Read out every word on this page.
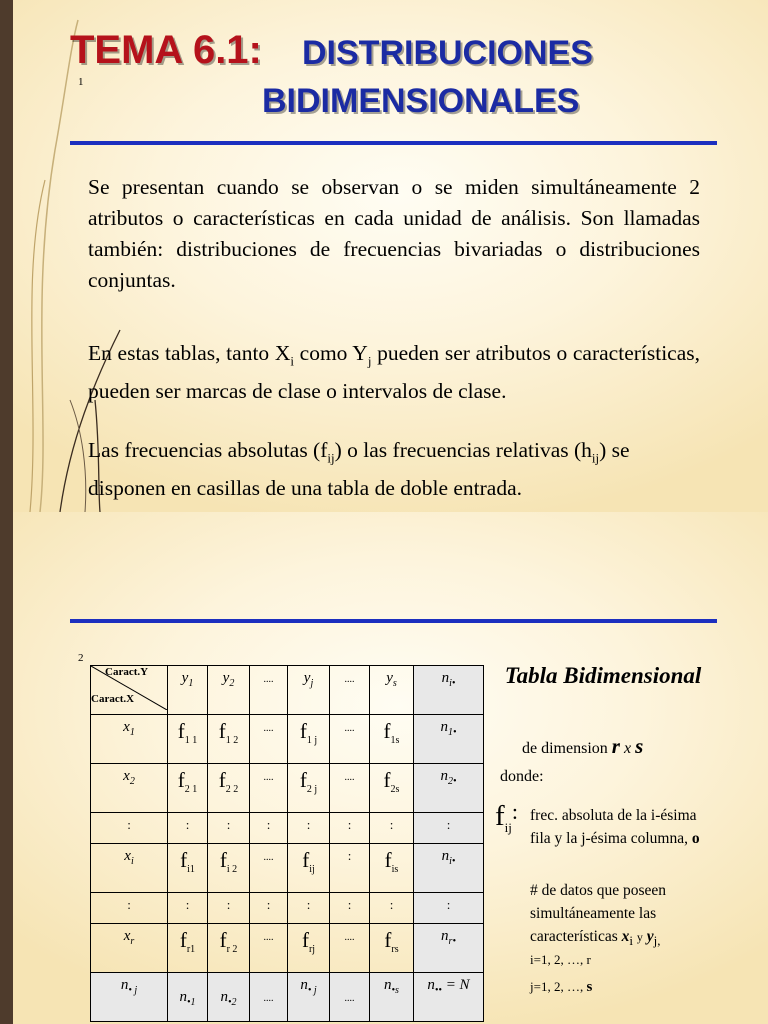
1
TEMA 6.1: DISTRIBUCIONES
BIDIMENSIONALES
Se presentan cuando se observan o se miden simultáneamente 2 atributos o características en cada unidad de análisis. Son llamadas también: distribuciones de frecuencias bivariadas o distribuciones conjuntas.
En estas tablas, tanto $X_i$ como $Y_j$ pueden ser atributos o características, pueden ser marcas de clase o intervalos de clase.
Las frecuencias absolutas $(f_{ij})$ o las frecuencias relativas $(h_{ij})$ se disponen en casillas de una tabla de doble entrada.
2
Caract.Y
Caract.X	$y_1$	$y_2$	....	$y_j$	....	$y_s$	$n_{i•}$
$x_1$	$f_{1 1}$	$f_{1 2}$	....	$f_{1 j}$	....	$f_{1s}$	$n_{1•}$
$x_2$	$f_{2 1}$	$f_{2 2}$	....	$f_{2 j}$	....	$f_{2s}$	$n_{2•}$
:	:	:	:	:	:	:	:
$x_i$	$f_{i1}$	$f_{i 2}$	....	$f_{ij}$	:	$f_{is}$	$n_{i•}$
:	:	:	:	:	:	:	:
$x_r$	$f_{r1}$	$f_{r 2}$	....	$f_{rj}$	....	$f_{rs}$	$n_{r•}$
$n_{• j}$	$n_{•1}$	$n_{•2}$	$_{....}$	$n_{• j}$	$_{....}$	$n_{•s}$	$n_{••} = N$
Tabla Bidimensional
de dimension r x s
donde:
$f_{ij}^:$ frec. absoluta de la i-ésima fila y la j-ésima columna, o
# de datos que poseen simultáneamente las características $x_i$ y $y_{j,}$
i=1, 2, …, r
j=1, 2, …, s
